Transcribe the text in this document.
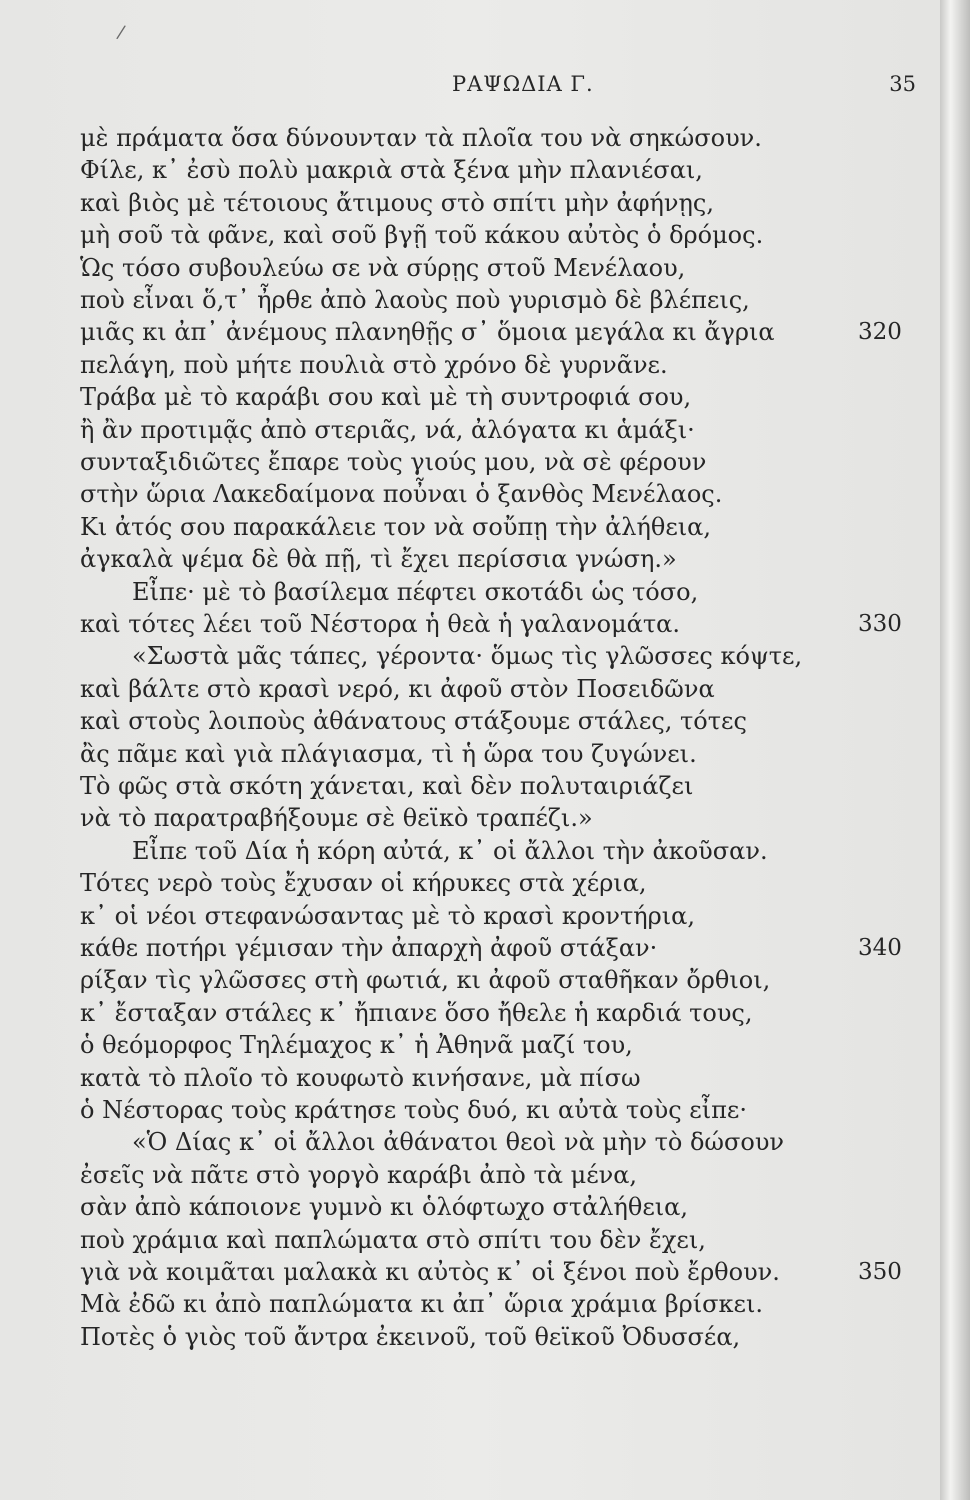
/
ΡΑΨΩΔΙΑ Γ.	35
μὲ πράματα ὅσα δύνουνταν τὰ πλοῖα του νὰ σηκώσουν.
Φίλε, κ᾿ ἐσὺ πολὺ μακριὰ στὰ ξένα μὴν πλανιέσαι,
καὶ βιὸς μὲ τέτοιους ἄτιμους στὸ σπίτι μὴν ἀφήνῃς,
μὴ σοῦ τὰ φᾶνε, καὶ σοῦ βγῇ τοῦ κάκου αὐτὸς ὁ δρόμος.
Ὡς τόσο συβουλεύω σε νὰ σύρῃς στοῦ Μενέλαου,
ποὺ εἶναι ὅ,τ᾿ ἦρθε ἀπὸ λαοὺς ποὺ γυρισμὸ δὲ βλέπεις,
μιᾶς κι ἀπ᾿ ἀνέμους πλανηθῇς σ᾿ ὅμοια μεγάλα κι ἄγρια
πελάγη, ποὺ μήτε πουλιὰ στὸ χρόνο δὲ γυρνᾶνε.
Τράβα μὲ τὸ καράβι σου καὶ μὲ τὴ συντροφιά σου,
ἢ ἂν προτιμᾷς ἀπὸ στεριᾶς, νά, ἀλόγατα κι ἁμάξι·
συνταξιδιῶτες ἔπαρε τοὺς γιούς μου, νὰ σὲ φέρουν
στὴν ὥρια Λακεδαίμονα ποὖναι ὁ ξανθὸς Μενέλαος.
Κι ἀτός σου παρακάλειε τον νὰ σοὔπῃ τὴν ἀλήθεια,
ἀγκαλὰ ψέμα δὲ θὰ πῇ, τὶ ἔχει περίσσια γνώση.»
Εἶπε· μὲ τὸ βασίλεμα πέφτει σκοτάδι ὡς τόσο,
καὶ τότες λέει τοῦ Νέστορα ἡ θεὰ ἡ γαλανομάτα.
«Σωστὰ μᾶς τάπες, γέροντα· ὅμως τὶς γλῶσσες κόψτε,
καὶ βάλτε στὸ κρασὶ νερό, κι ἀφοῦ στὸν Ποσειδῶνα
καὶ στοὺς λοιποὺς ἀθάνατους στάξουμε στάλες, τότες
ἂς πᾶμε καὶ γιὰ πλάγιασμα, τὶ ἡ ὥρα του ζυγώνει.
Τὸ φῶς στὰ σκότη χάνεται, καὶ δὲν πολυταιριάζει
νὰ τὸ παρατραβήξουμε σὲ θεϊκὸ τραπέζι.»
Εἶπε τοῦ Δία ἡ κόρη αὐτά, κ᾿ οἱ ἄλλοι τὴν ἀκοῦσαν.
Τότες νερὸ τοὺς ἔχυσαν οἱ κήρυκες στὰ χέρια,
κ᾿ οἱ νέοι στεφανώσαντας μὲ τὸ κρασὶ κροντήρια,
κάθε ποτήρι γέμισαν τὴν ἀπαρχὴ ἀφοῦ στάξαν·
ρίξαν τὶς γλῶσσες στὴ φωτιά, κι ἀφοῦ σταθῆκαν ὄρθιοι,
κ᾿ ἔσταξαν στάλες κ᾿ ἤπιανε ὅσο ἤθελε ἡ καρδιά τους,
ὁ θεόμορφος Τηλέμαχος κ᾿ ἡ Ἀθηνᾶ μαζί του,
κατὰ τὸ πλοῖο τὸ κουφωτὸ κινήσανε, μὰ πίσω
ὁ Νέστορας τοὺς κράτησε τοὺς δυό, κι αὐτὰ τοὺς εἶπε·
«Ὁ Δίας κ᾿ οἱ ἄλλοι ἀθάνατοι θεοὶ νὰ μὴν τὸ δώσουν
ἐσεῖς νὰ πᾶτε στὸ γοργὸ καράβι ἀπὸ τὰ μένα,
σὰν ἀπὸ κάποιονε γυμνὸ κι ὁλόφτωχο στἀλήθεια,
ποὺ χράμια καὶ παπλώματα στὸ σπίτι του δὲν ἔχει,
γιὰ νὰ κοιμᾶται μαλακὰ κι αὐτὸς κ᾿ οἱ ξένοι ποὺ ἔρθουν.
Μὰ ἐδῶ κι ἀπὸ παπλώματα κι ἀπ᾿ ὥρια χράμια βρίσκει.
Ποτὲς ὁ γιὸς τοῦ ἄντρα ἐκεινοῦ, τοῦ θεϊκοῦ Ὀδυσσέα,
320
330
340
350
